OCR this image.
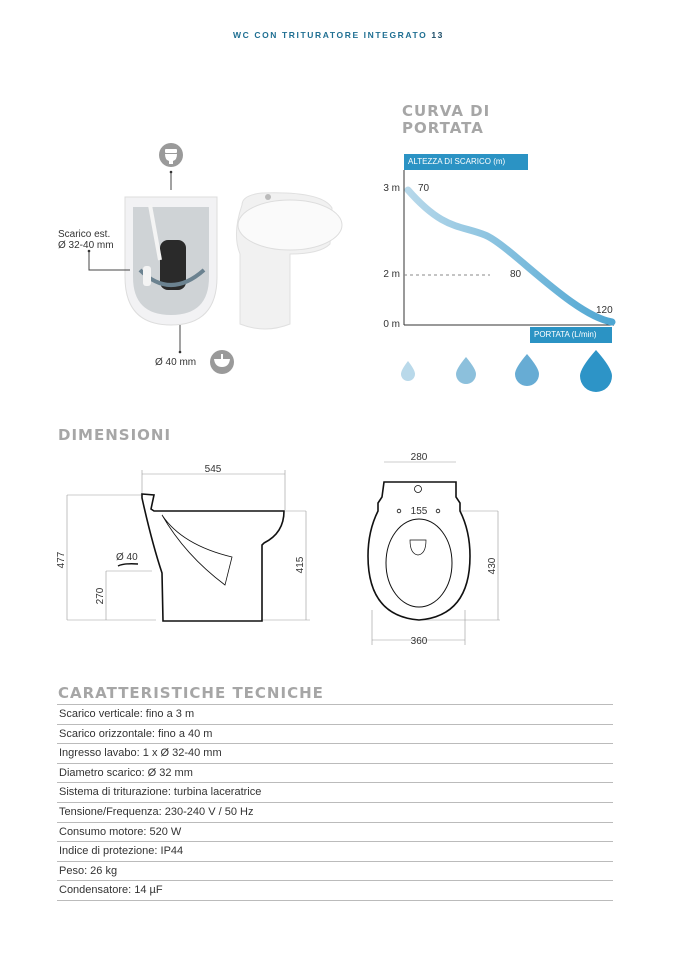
WC CON TRITURATORE INTEGRATO 13
Scarico est.
Ø 32-40 mm
Ø 40 mm
CURVA DI
PORTATA
ALTEZZA DI SCARICO (m)
PORTATA (L/min)
3 m
2 m
0 m
70
80
120
DIMENSIONI
545
477
270
415
Ø 40
280
155
360
430
CARATTERISTICHE TECNICHE
Scarico verticale: fino a 3 m
Scarico orizzontale: fino a 40 m
Ingresso lavabo: 1 x Ø 32-40 mm
Diametro scarico: Ø 32 mm
Sistema di triturazione: turbina laceratrice
Tensione/Frequenza: 230-240 V / 50 Hz
Consumo motore: 520 W
Indice di protezione: IP44
Peso: 26 kg
Condensatore: 14 µF
